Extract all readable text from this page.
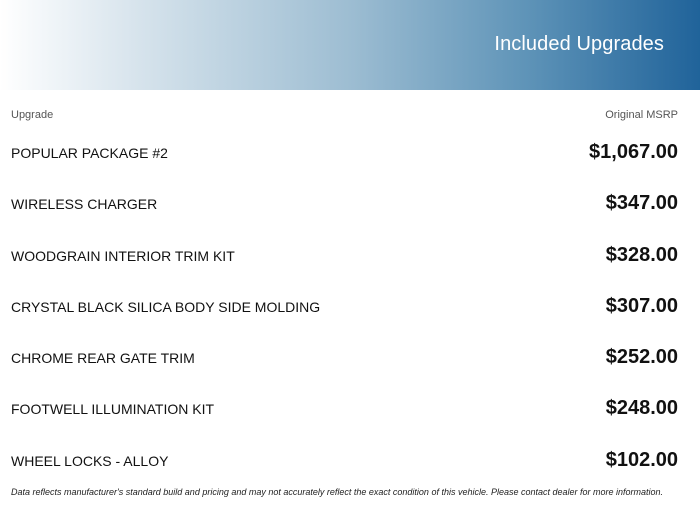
Included Upgrades
Upgrade	Original MSRP
POPULAR PACKAGE #2	$1,067.00
WIRELESS CHARGER	$347.00
WOODGRAIN INTERIOR TRIM KIT	$328.00
CRYSTAL BLACK SILICA BODY SIDE MOLDING	$307.00
CHROME REAR GATE TRIM	$252.00
FOOTWELL ILLUMINATION KIT	$248.00
WHEEL LOCKS - ALLOY	$102.00
Data reflects manufacturer's standard build and pricing and may not accurately reflect the exact condition of this vehicle. Please contact dealer for more information.
